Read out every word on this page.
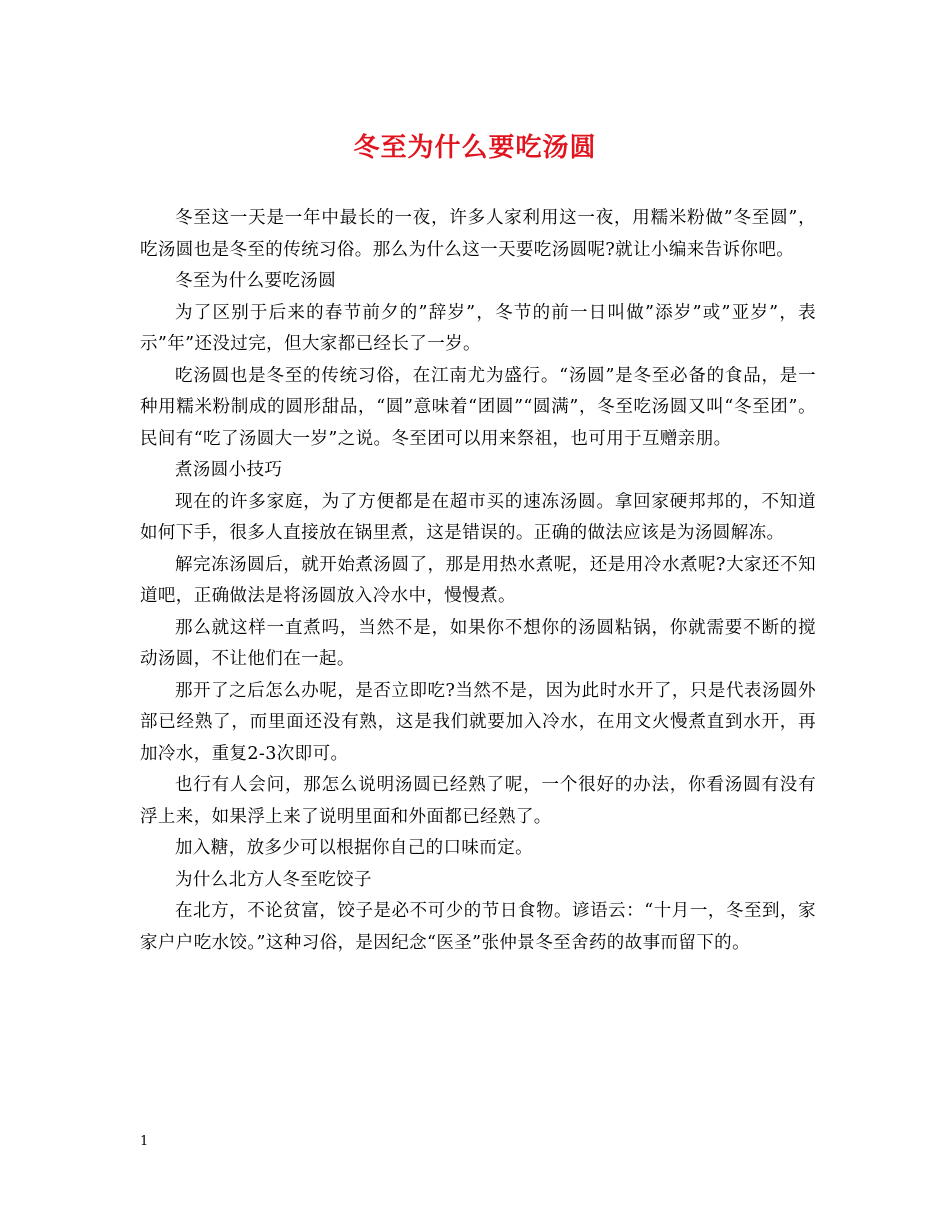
冬至为什么要吃汤圆

冬至这一天是一年中最长的一夜，许多人家利用这一夜，用糯米粉做”冬至圆”，吃汤圆也是冬至的传统习俗。那么为什么这一天要吃汤圆呢?就让小编来告诉你吧。

冬至为什么要吃汤圆

为了区别于后来的春节前夕的”辞岁”，冬节的前一日叫做”添岁”或”亚岁”，表示”年”还没过完，但大家都已经长了一岁。

吃汤圆也是冬至的传统习俗，在江南尤为盛行。“汤圆”是冬至必备的食品，是一种用糯米粉制成的圆形甜品，“圆”意味着“团圆”“圆满”，冬至吃汤圆又叫“冬至团”。民间有“吃了汤圆大一岁”之说。冬至团可以用来祭祖，也可用于互赠亲朋。

煮汤圆小技巧

现在的许多家庭，为了方便都是在超市买的速冻汤圆。拿回家硬邦邦的，不知道如何下手，很多人直接放在锅里煮，这是错误的。正确的做法应该是为汤圆解冻。

解完冻汤圆后，就开始煮汤圆了，那是用热水煮呢，还是用冷水煮呢?大家还不知道吧，正确做法是将汤圆放入冷水中，慢慢煮。

那么就这样一直煮吗，当然不是，如果你不想你的汤圆粘锅，你就需要不断的搅动汤圆，不让他们在一起。

那开了之后怎么办呢，是否立即吃?当然不是，因为此时水开了，只是代表汤圆外部已经熟了，而里面还没有熟，这是我们就要加入冷水，在用文火慢煮直到水开，再加冷水，重复2-3次即可。

也行有人会问，那怎么说明汤圆已经熟了呢，一个很好的办法，你看汤圆有没有浮上来，如果浮上来了说明里面和外面都已经熟了。

加入糖，放多少可以根据你自己的口味而定。

为什么北方人冬至吃饺子

在北方，不论贫富，饺子是必不可少的节日食物。谚语云：“十月一，冬至到，家家户户吃水饺。”这种习俗，是因纪念“医圣”张仲景冬至舍药的故事而留下的。

1
